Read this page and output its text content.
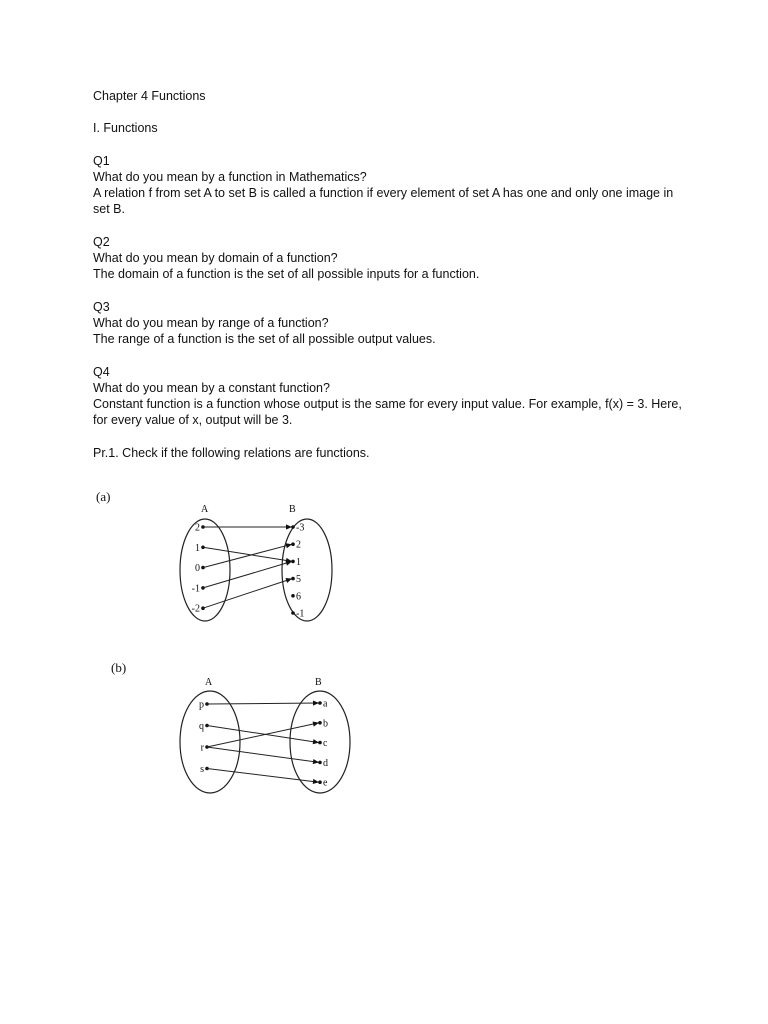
Chapter 4 Functions

I. Functions

Q1

What do you mean by a function in Mathematics?

A relation f from set A to set B is called a function if every element of set A has one and only one image in set B.

Q2

What do you mean by domain of a function?

The domain of a function is the set of all possible inputs for a function.

Q3

What do you mean by range of a function?

The range of a function is the set of all possible output values.

Q4

What do you mean by a constant function?

Constant function is a function whose output is the same for every input value. For example, f(x) = 3. Here, for every value of x, output will be 3.

Pr.1. Check if the following relations are functions.

(a)
A	B
2
1
0
-1
-2
-3
2
1
5
6
-1
(b)
A	B
p
q
r
s
a
b
c
d
e
